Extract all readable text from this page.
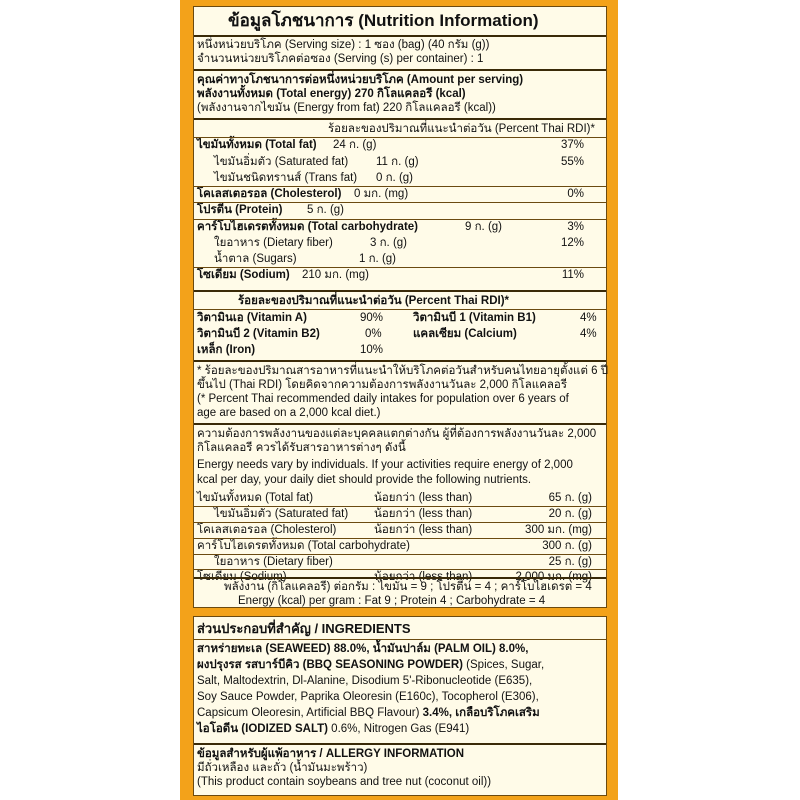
ข้อมูลโภชนาการ (Nutrition Information)
หนึ่งหน่วยบริโภค (Serving size) : 1 ซอง (bag) (40 กรัม (g))
จำนวนหน่วยบริโภคต่อซอง (Serving (s) per container) : 1
คุณค่าทางโภชนาการต่อหนึ่งหน่วยบริโภค (Amount per serving)
พลังงานทั้งหมด (Total energy) 270 กิโลแคลอรี (kcal)
(พลังงานจากไขมัน (Energy from fat) 220 กิโลแคลอรี (kcal))
ร้อยละของปริมาณที่แนะนำต่อวัน (Percent Thai RDI)*
ไขมันทั้งหมด (Total fat) 24 ก. (g)	37%
ไขมันอิ่มตัว (Saturated fat) 11 ก. (g)	55%
ไขมันชนิดทรานส์ (Trans fat) 0 ก. (g)
โคเลสเตอรอล (Cholesterol) 0 มก. (mg)	0%
โปรตีน (Protein) 5 ก. (g)
คาร์โบไฮเดรตทั้งหมด (Total carbohydrate)	9 ก. (g)	3%
ใยอาหาร (Dietary fiber)	3 ก. (g)	12%
น้ำตาล (Sugars)	1 ก. (g)
โซเดียม (Sodium) 210 มก. (mg)	11%
ร้อยละของปริมาณที่แนะนำต่อวัน (Percent Thai RDI)*
วิตามินเอ (Vitamin A)	90%	วิตามินบี 1 (Vitamin B1)	4%
วิตามินบี 2 (Vitamin B2)	0%	แคลเซียม (Calcium)	4%
เหล็ก (Iron)	10%
* ร้อยละของปริมาณสารอาหารที่แนะนำให้บริโภคต่อวันสำหรับคนไทยอายุตั้งแต่ 6 ปี
ขึ้นไป (Thai RDI) โดยคิดจากความต้องการพลังงานวันละ 2,000 กิโลแคลอรี
(* Percent Thai recommended daily intakes for population over 6 years of
age are based on a 2,000 kcal diet.)
ความต้องการพลังงานของแต่ละบุคคลแตกต่างกัน ผู้ที่ต้องการพลังงานวันละ 2,000
กิโลแคลอรี ควรได้รับสารอาหารต่างๆ ดังนี้
Energy needs vary by individuals. If your activities require energy of 2,000
kcal per day, your daily diet should provide the following nutrients.
ไขมันทั้งหมด (Total fat)	น้อยกว่า (less than)	65 ก. (g)
ไขมันอิ่มตัว (Saturated fat) น้อยกว่า (less than)	20 ก. (g)
โคเลสเตอรอล (Cholesterol)	น้อยกว่า (less than)	300 มก. (mg)
คาร์โบไฮเดรตทั้งหมด (Total carbohydrate)	300 ก. (g)
ใยอาหาร (Dietary fiber)	25 ก. (g)
โซเดียม (Sodium)	น้อยกว่า (less than)	2,000 มก. (mg)
พลังงาน (กิโลแคลอรี) ต่อกรัม : ไขมัน = 9 ; โปรตีน = 4 ; คาร์โบไฮเดรต = 4
Energy (kcal) per gram : Fat 9 ; Protein 4 ; Carbohydrate = 4
ส่วนประกอบที่สำคัญ / INGREDIENTS
สาหร่ายทะเล (SEAWEED) 88.0%, น้ำมันปาล์ม (PALM OIL) 8.0%,
ผงปรุงรส รสบาร์บีคิว (BBQ SEASONING POWDER) (Spices, Sugar,
Salt, Maltodextrin, Dl-Alanine, Disodium 5'-Ribonucleotide (E635),
Soy Sauce Powder, Paprika Oleoresin (E160c), Tocopherol (E306),
Capsicum Oleoresin, Artificial BBQ Flavour) 3.4%, เกลือบริโภคเสริม
ไอโอดีน (IODIZED SALT) 0.6%, Nitrogen Gas (E941)
ข้อมูลสำหรับผู้แพ้อาหาร / ALLERGY INFORMATION
มีถั่วเหลือง และถั่ว (น้ำมันมะพร้าว)
(This product contain soybeans and tree nut (coconut oil))
